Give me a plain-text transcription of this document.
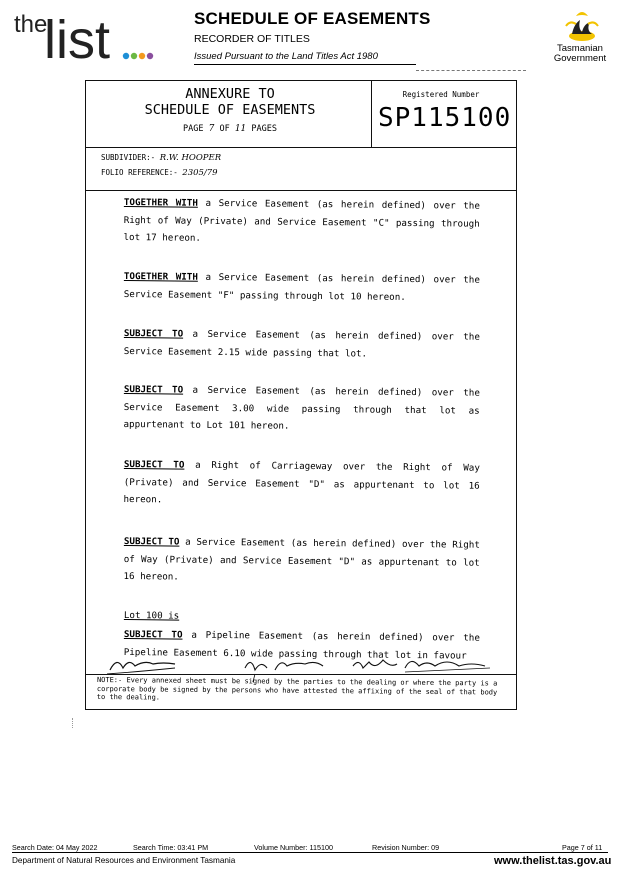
the
list	SCHEDULE OF EASEMENTS
RECORDER OF TITLES
Issued Pursuant to the Land Titles Act 1980
Tasmanian
Government
ANNEXURE TO
SCHEDULE OF EASEMENTS
PAGE 7 OF 11 PAGES
Registered Number
SP115100
SUBDIVIDER:- R.W. HOOPER
FOLIO REFERENCE:- 2305/79
TOGETHER WITH a Service Easement (as herein defined) over the Right of Way (Private) and Service Easement "C" passing through lot 17 hereon.
TOGETHER WITH a Service Easement (as herein defined) over the Service Easement "F" passing through lot 10 hereon.
SUBJECT TO a Service Easement (as herein defined) over the Service Easement 2.15 wide passing that lot.
SUBJECT TO a Service Easement (as herein defined) over the Service Easement 3.00 wide passing through that lot as appurtenant to Lot 101 hereon.
SUBJECT TO a Right of Carriageway over the Right of Way (Private) and Service Easement "D" as appurtenant to lot 16 hereon.
SUBJECT TO a Service Easement (as herein defined) over the Right of Way (Private) and Service Easement "D" as appurtenant to lot 16 hereon.
Lot 100 is
SUBJECT TO a Pipeline Easement (as herein defined) over the Pipeline Easement 6.10 wide passing through that lot in favour
NOTE:- Every annexed sheet must be signed by the parties to the dealing or where the party is a corporate body be signed by the persons who have attested the affixing of the seal of that body to the dealing.
Search Date: 04 May 2022	Search Time: 03:41 PM	Volume Number: 115100	Revision Number: 09	Page 7 of 11
Department of Natural Resources and Environment Tasmania	www.thelist.tas.gov.au
